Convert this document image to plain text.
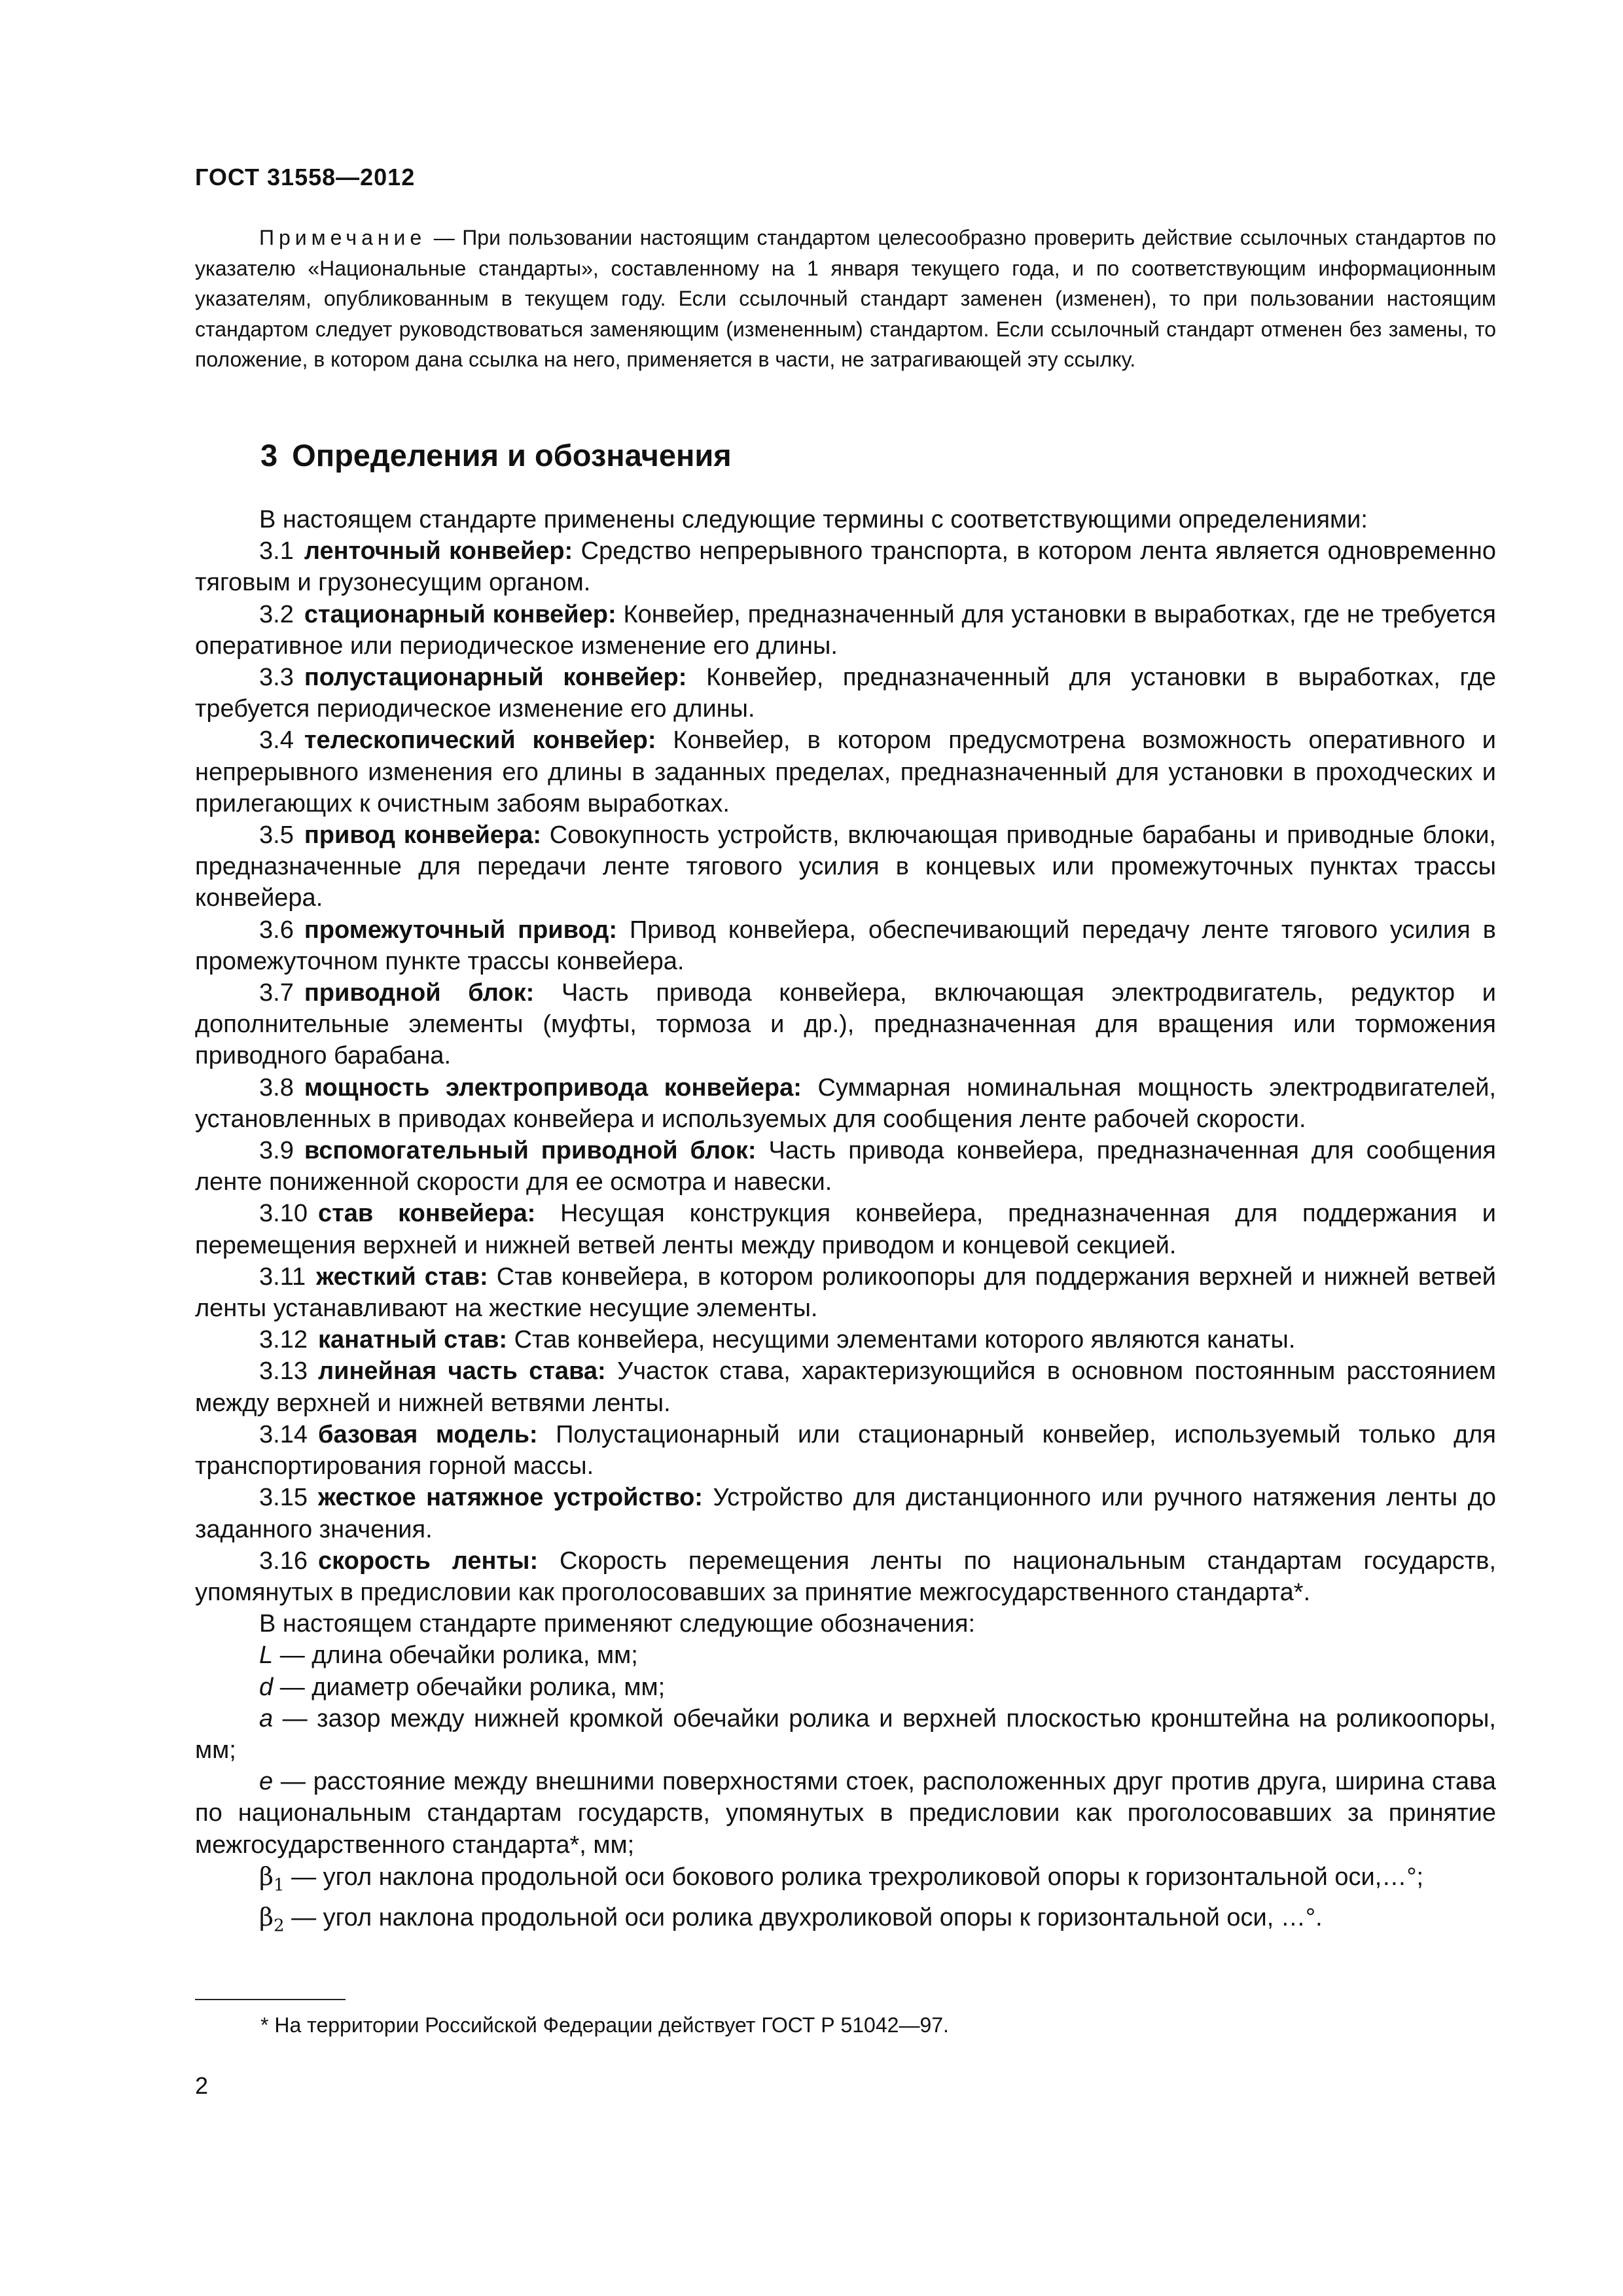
ГОСТ 31558—2012

Примечание — При пользовании настоящим стандартом целесообразно проверить действие ссылочных стандартов по указателю «Национальные стандарты», составленному на 1 января текущего года, и по соответствующим информационным указателям, опубликованным в текущем году. Если ссылочный стандарт заменен (изменен), то при пользовании настоящим стандартом следует руководствоваться заменяющим (измененным) стандартом. Если ссылочный стандарт отменен без замены, то положение, в котором дана ссылка на него, применяется в части, не затрагивающей эту ссылку.

3 Определения и обозначения

В настоящем стандарте применены следующие термины с соответствующими определениями:

3.1 ленточный конвейер: Средство непрерывного транспорта, в котором лента является одновременно тяговым и грузонесущим органом.

3.2 стационарный конвейер: Конвейер, предназначенный для установки в выработках, где не требуется оперативное или периодическое изменение его длины.

3.3 полустационарный конвейер: Конвейер, предназначенный для установки в выработках, где требуется периодическое изменение его длины.

3.4 телескопический конвейер: Конвейер, в котором предусмотрена возможность оперативного и непрерывного изменения его длины в заданных пределах, предназначенный для установки в проходческих и прилегающих к очистным забоям выработках.

3.5 привод конвейера: Совокупность устройств, включающая приводные барабаны и приводные блоки, предназначенные для передачи ленте тягового усилия в концевых или промежуточных пунктах трассы конвейера.

3.6 промежуточный привод: Привод конвейера, обеспечивающий передачу ленте тягового усилия в промежуточном пункте трассы конвейера.

3.7 приводной блок: Часть привода конвейера, включающая электродвигатель, редуктор и дополнительные элементы (муфты, тормоза и др.), предназначенная для вращения или торможения приводного барабана.

3.8 мощность электропривода конвейера: Суммарная номинальная мощность электродвигателей, установленных в приводах конвейера и используемых для сообщения ленте рабочей скорости.

3.9 вспомогательный приводной блок: Часть привода конвейера, предназначенная для сообщения ленте пониженной скорости для ее осмотра и навески.

3.10 став конвейера: Несущая конструкция конвейера, предназначенная для поддержания и перемещения верхней и нижней ветвей ленты между приводом и концевой секцией.

3.11 жесткий став: Став конвейера, в котором роликоопоры для поддержания верхней и нижней ветвей ленты устанавливают на жесткие несущие элементы.

3.12 канатный став: Став конвейера, несущими элементами которого являются канаты.

3.13 линейная часть става: Участок става, характеризующийся в основном постоянным расстоянием между верхней и нижней ветвями ленты.

3.14 базовая модель: Полустационарный или стационарный конвейер, используемый только для транспортирования горной массы.

3.15 жесткое натяжное устройство: Устройство для дистанционного или ручного натяжения ленты до заданного значения.

3.16 скорость ленты: Скорость перемещения ленты по национальным стандартам государств, упомянутых в предисловии как проголосовавших за принятие межгосударственного стандарта*.

В настоящем стандарте применяют следующие обозначения:

L — длина обечайки ролика, мм;

d — диаметр обечайки ролика, мм;

a — зазор между нижней кромкой обечайки ролика и верхней плоскостью кронштейна на роликоопоры, мм;

e — расстояние между внешними поверхностями стоек, расположенных друг против друга, ширина става по национальным стандартам государств, упомянутых в предисловии как проголосовавших за принятие межгосударственного стандарта*, мм;

$\beta_1$ — угол наклона продольной оси бокового ролика трехроликовой опоры к горизонтальной оси,…°;

$\beta_2$ — угол наклона продольной оси ролика двухроликовой опоры к горизонтальной оси, …°.

* На территории Российской Федерации действует ГОСТ Р 51042—97.

2
